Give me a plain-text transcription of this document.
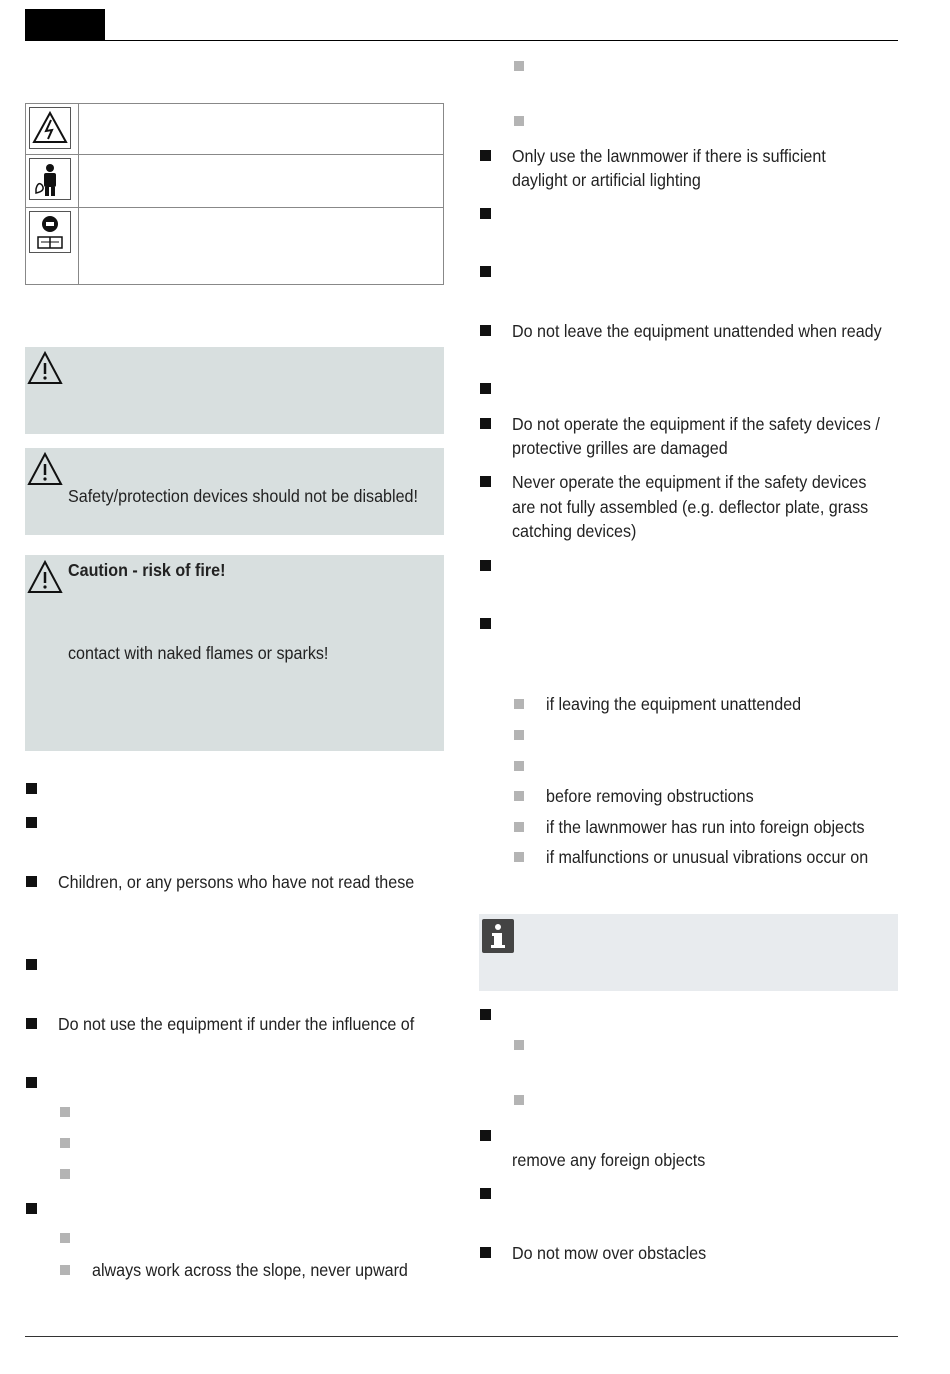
Safety/protection devices should not be disabled!
Caution - risk of fire!
contact with naked flames or sparks!
Children, or any persons who have not read these
Do not use the equipment if under the influence of
always work across the slope, never upward
Only use the lawnmower if there is sufficient
daylight or artificial lighting
Do not leave the equipment unattended when ready
Do not operate the equipment if the safety devices /
protective grilles are damaged
Never operate the equipment if the safety devices
are not fully assembled (e.g. deflector plate, grass
catching devices)
if leaving the equipment unattended
before removing obstructions
if the lawnmower has run into foreign objects
if malfunctions or unusual vibrations occur on
remove any foreign objects
Do not mow over obstacles
